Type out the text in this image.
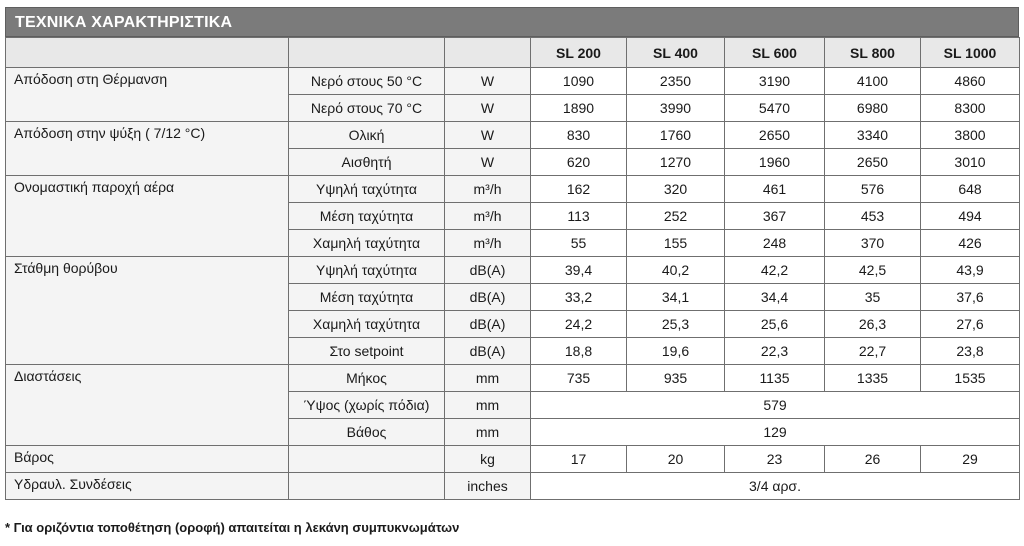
ΤΕΧΝΙΚΑ ΧΑΡΑΚΤΗΡΙΣΤΙΚΑ
			SL 200	SL 400	SL 600	SL 800	SL 1000
Απόδοση στη Θέρμανση	Νερό στους 50 °C	W	1090	2350	3190	4100	4860
	Νερό στους 70 °C	W	1890	3990	5470	6980	8300
Απόδοση στην ψύξη ( 7/12 °C)	Ολική	W	830	1760	2650	3340	3800
	Αισθητή	W	620	1270	1960	2650	3010
Ονομαστική παροχή αέρα	Υψηλή ταχύτητα	m³/h	162	320	461	576	648
	Μέση ταχύτητα	m³/h	113	252	367	453	494
	Χαμηλή ταχύτητα	m³/h	55	155	248	370	426
Στάθμη θορύβου	Υψηλή ταχύτητα	dB(A)	39,4	40,2	42,2	42,5	43,9
	Μέση ταχύτητα	dB(A)	33,2	34,1	34,4	35	37,6
	Χαμηλή ταχύτητα	dB(A)	24,2	25,3	25,6	26,3	27,6
	Στο setpoint	dB(A)	18,8	19,6	22,3	22,7	23,8
Διαστάσεις	Μήκος	mm	735	935	1135	1335	1535
	Ύψος (χωρίς πόδια)	mm	579				
	Βάθος	mm	129				
Βάρος		kg	17	20	23	26	29
Υδραυλ. Συνδέσεις		inches	3/4 αρσ.				
* Για οριζόντια τοποθέτηση (οροφή) απαιτείται η λεκάνη συμπυκνωμάτων
